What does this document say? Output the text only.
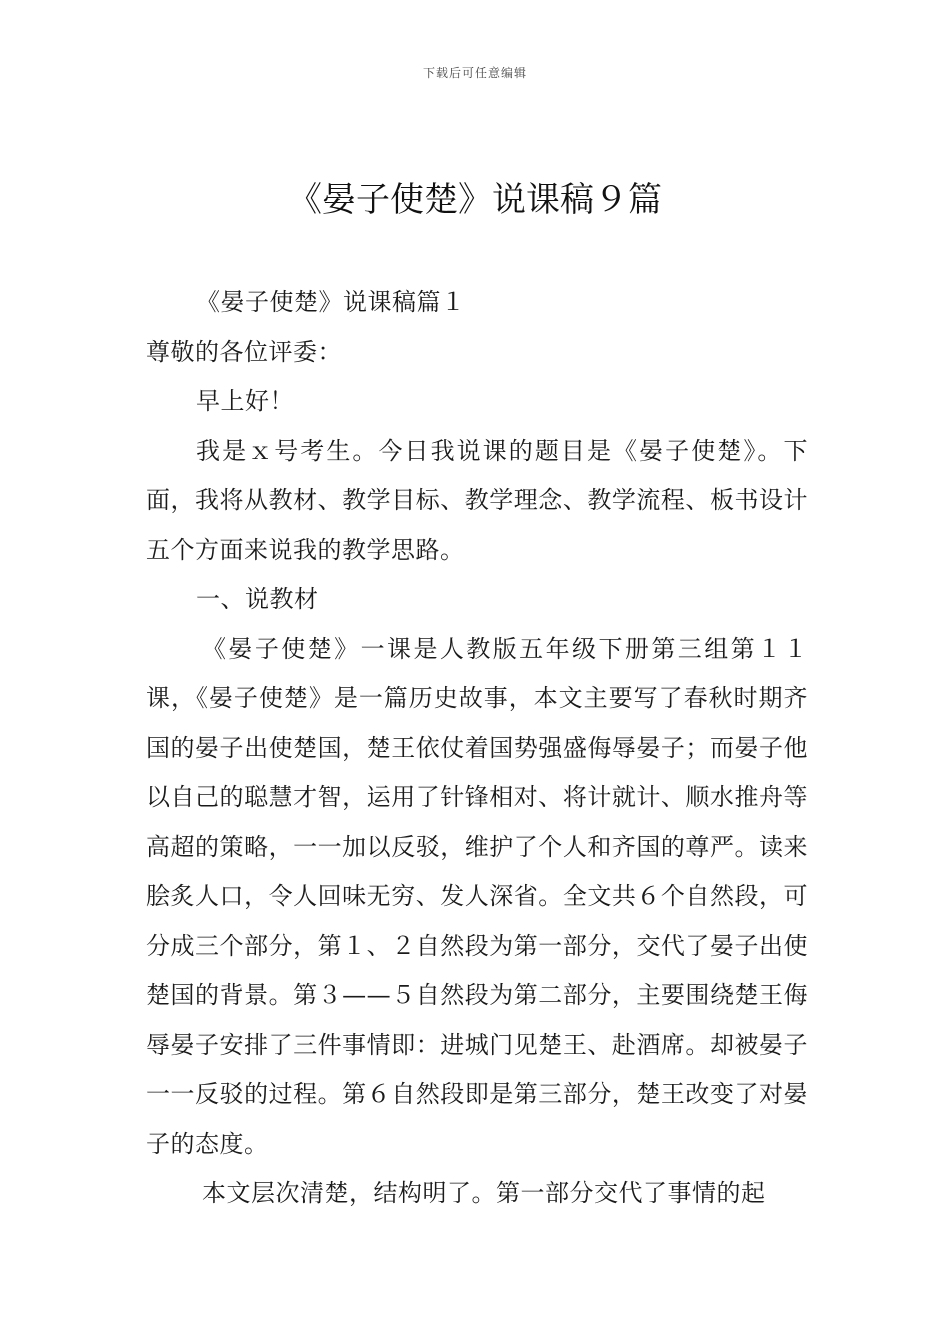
下载后可任意编辑
《晏子使楚》说课稿９篇

《晏子使楚》说课稿篇１

尊敬的各位评委：

早上好！

我是ｘ号考生。今日我说课的题目是《晏子使楚》。下面，我将从教材、教学目标、教学理念、教学流程、板书设计五个方面来说我的教学思路。

一、说教材

《晏子使楚》一课是人教版五年级下册第三组第１１课，《晏子使楚》是一篇历史故事，本文主要写了春秋时期齐国的晏子出使楚国，楚王依仗着国势强盛侮辱晏子；而晏子他以自己的聪慧才智，运用了针锋相对、将计就计、顺水推舟等高超的策略，一一加以反驳，维护了个人和齐国的尊严。读来脍炙人口，令人回味无穷、发人深省。全文共６个自然段，可分成三个部分，第１、２自然段为第一部分，交代了晏子出使楚国的背景。第３——５自然段为第二部分，主要围绕楚王侮辱晏子安排了三件事情即：进城门见楚王、赴酒席。却被晏子一一反驳的过程。第６自然段即是第三部分，楚王改变了对晏子的态度。

本文层次清楚，结构明了。第一部分交代了事情的起
